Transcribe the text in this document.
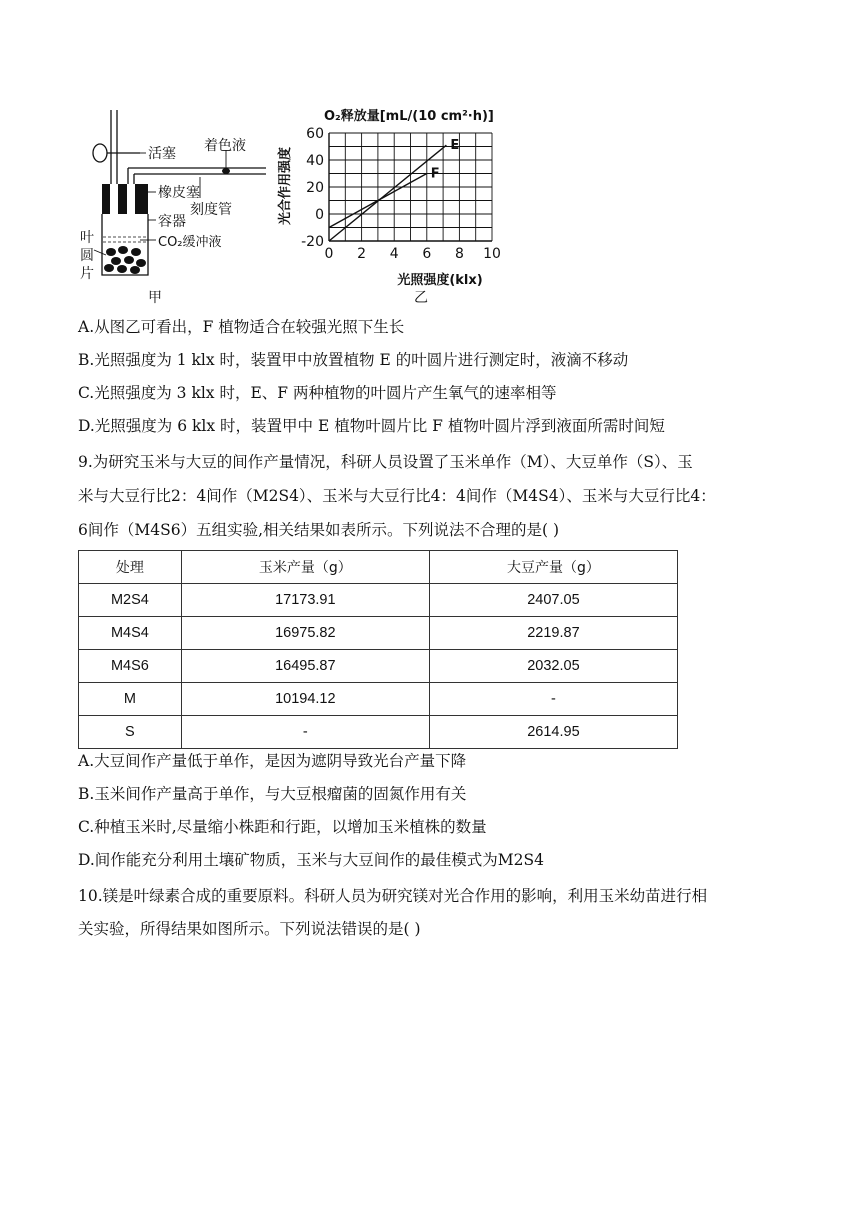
活塞 着色液
橡皮塞
刻度管
容器
CO₂缓冲液
叶
圆
片
甲
O₂释放量[mL/(10 cm²·h)]
光合作用强度
60
40
20
0
-20
0 2 4 6 8 10
E
F
光照强度(klx)
乙
A.从图乙可看出，F 植物适合在较强光照下生长
B.光照强度为 1 klx 时，装置甲中放置植物 E 的叶圆片进行测定时，液滴不移动
C.光照强度为 3 klx 时，E、F 两种植物的叶圆片产生氧气的速率相等
D.光照强度为 6 klx 时，装置甲中 E 植物叶圆片比 F 植物叶圆片浮到液面所需时间短
9.为研究玉米与大豆的间作产量情况，科研人员设置了玉米单作（M）、大豆单作（S）、玉
米与大豆行比2：4间作（M2S4）、玉米与大豆行比4：4间作（M4S4）、玉米与大豆行比4：
6间作（M4S6）五组实验,相关结果如表所示。下列说法不合理的是( )
处理	玉米产量（g）	大豆产量（g）
M2S4	17173.91	2407.05
M4S4	16975.82	2219.87
M4S6	16495.87	2032.05
M	10194.12	-
S	-	2614.95
A.大豆间作产量低于单作，是因为遮阴导致光台产量下降
B.玉米间作产量高于单作，与大豆根瘤菌的固氮作用有关
C.种植玉米时,尽量缩小株距和行距，以增加玉米植株的数量
D.间作能充分利用土壤矿物质，玉米与大豆间作的最佳模式为M2S4
10.镁是叶绿素合成的重要原料。科研人员为研究镁对光合作用的影响，利用玉米幼苗进行相
关实验，所得结果如图所示。下列说法错误的是( )
